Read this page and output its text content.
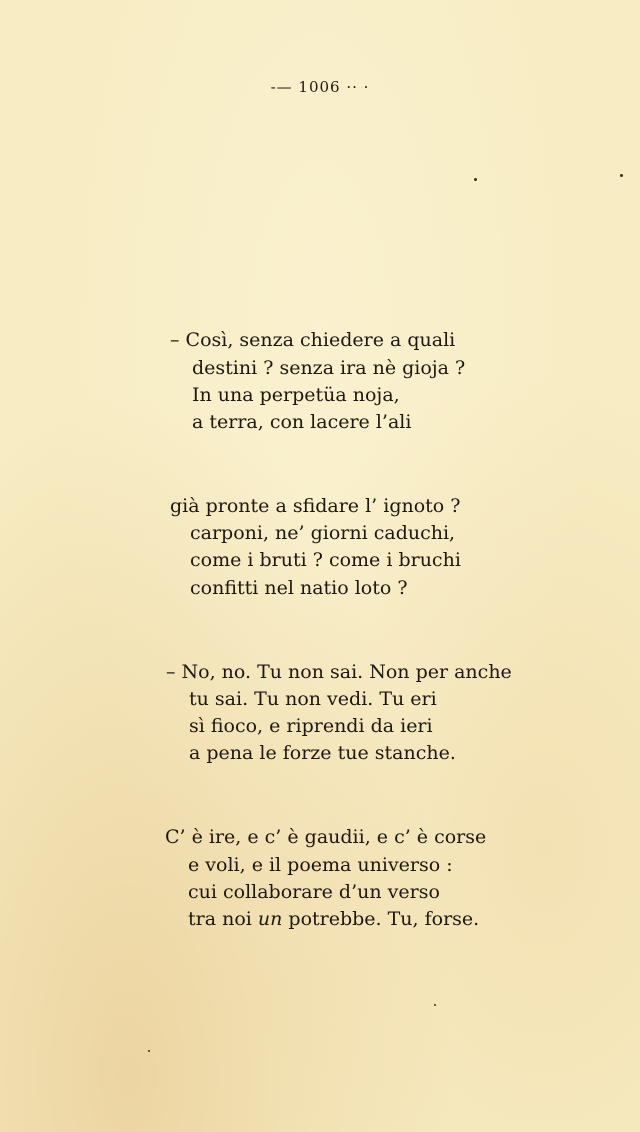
-— 1006 ·· ·
– Così, senza chiedere a quali
destini ? senza ira nè gioja ?
In una perpetüa noja,
a terra, con lacere l’ali
già pronte a sfidare l’ ignoto ?
carponi, ne’ giorni caduchi,
come i bruti ? come i bruchi
confitti nel natio loto ?
– No, no. Tu non sai. Non per anche
tu sai. Tu non vedi. Tu eri
sì fioco, e riprendi da ieri
a pena le forze tue stanche.
C’ è ire, e c’ è gaudii, e c’ è corse
e voli, e il poema universo :
cui collaborare d’un verso
tra noi un potrebbe. Tu, forse.
